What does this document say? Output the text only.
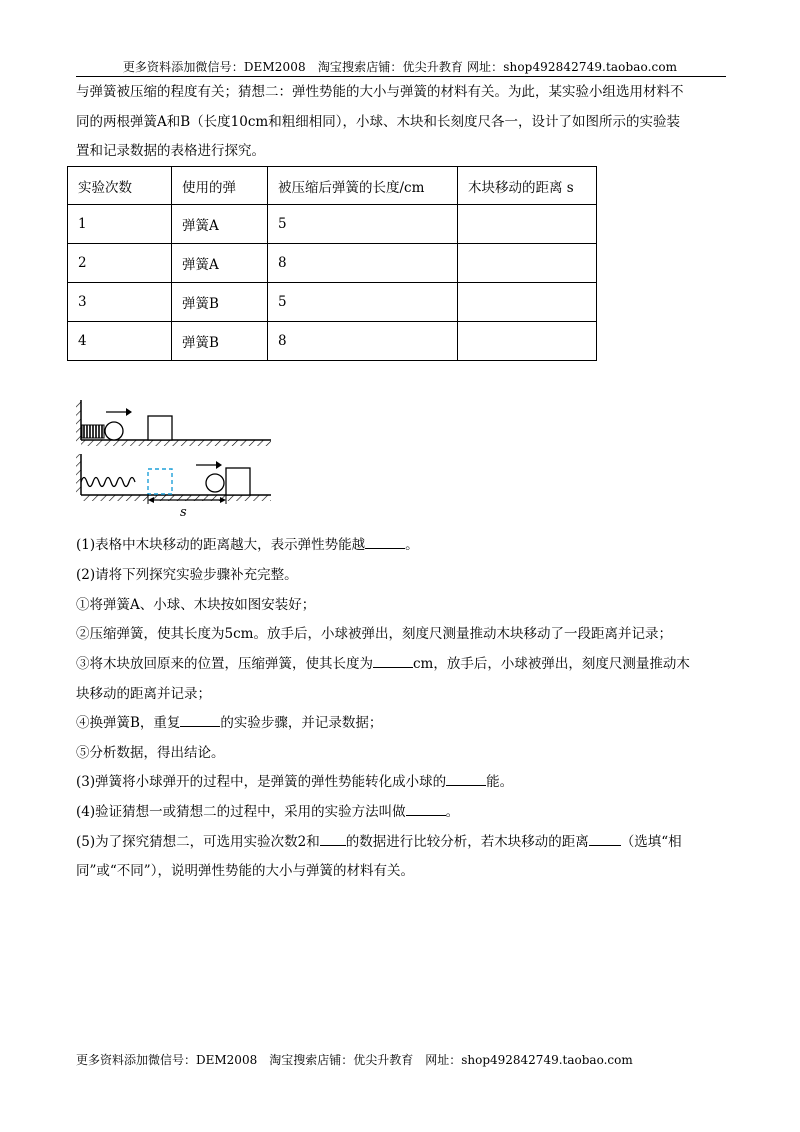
更多资料添加微信号：DEM2008　淘宝搜索店铺：优尖升教育 网址：shop492842749.taobao.com
与弹簧被压缩的程度有关；猜想二：弹性势能的大小与弹簧的材料有关。为此，某实验小组选用材料不
同的两根弹簧A和B（长度10cm和粗细相同），小球、木块和长刻度尺各一，设计了如图所示的实验装
置和记录数据的表格进行探究。
实验次数	使用的弹	被压缩后弹簧的长度/cm	木块移动的距离 s
1	弹簧A	5	
2	弹簧A	8	
3	弹簧B	5	
4	弹簧B	8	
s
(1)表格中木块移动的距离越大，表示弹性势能越	。
(2)请将下列探究实验步骤补充完整。
①将弹簧A、小球、木块按如图安装好；
②压缩弹簧，使其长度为5cm。放手后，小球被弹出，刻度尺测量推动木块移动了一段距离并记录；
③将木块放回原来的位置，压缩弹簧，使其长度为	cm，放手后，小球被弹出，刻度尺测量推动木
块移动的距离并记录；
④换弹簧B，重复	的实验步骤，并记录数据；
⑤分析数据，得出结论。
(3)弹簧将小球弹开的过程中，是弹簧的弹性势能转化成小球的	能。
(4)验证猜想一或猜想二的过程中，采用的实验方法叫做	。
(5)为了探究猜想二，可选用实验次数2和 的数据进行比较分析，若木块移动的距离 （选填“相
同”或“不同”），说明弹性势能的大小与弹簧的材料有关。
更多资料添加微信号：DEM2008　淘宝搜索店铺：优尖升教育　网址：shop492842749.taobao.com
